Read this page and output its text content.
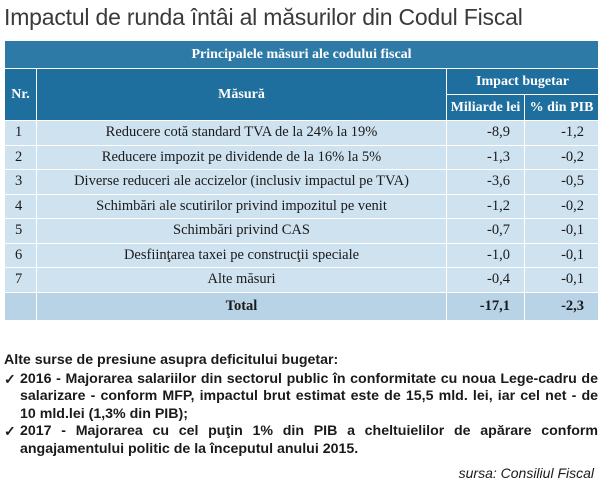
Impactul de runda întâi al măsurilor din Codul Fiscal
Principalele măsuri ale codului fiscal			
Nr.	Măsură	Impact bugetar	
		Miliarde lei	% din PIB
1	Reducere cotă standard TVA de la 24% la 19%	-8,9	-1,2
2	Reducere impozit pe dividende de la 16% la 5%	-1,3	-0,2
3	Diverse reduceri ale accizelor (inclusiv impactul pe TVA)	-3,6	-0,5
4	Schimbări ale scutirilor privind impozitul pe venit	-1,2	-0,2
5	Schimbări privind CAS	-0,7	-0,1
6	Desfiinţarea taxei pe construcţii speciale	-1,0	-0,1
7	Alte măsuri	-0,4	-0,1
	Total	-17,1	-2,3
Alte surse de presiune asupra deficitului bugetar:
✓ 2016 - Majorarea salariilor din sectorul public în conformitate cu noua Lege-cadru de salarizare - conform MFP, impactul brut estimat este de 15,5 mld. lei, iar cel net - de 10 mld.lei (1,3% din PIB);
✓ 2017 - Majorarea cu cel puţin 1% din PIB a cheltuielilor de apărare conform angajamentului politic de la începutul anului 2015.
sursa: Consiliul Fiscal
